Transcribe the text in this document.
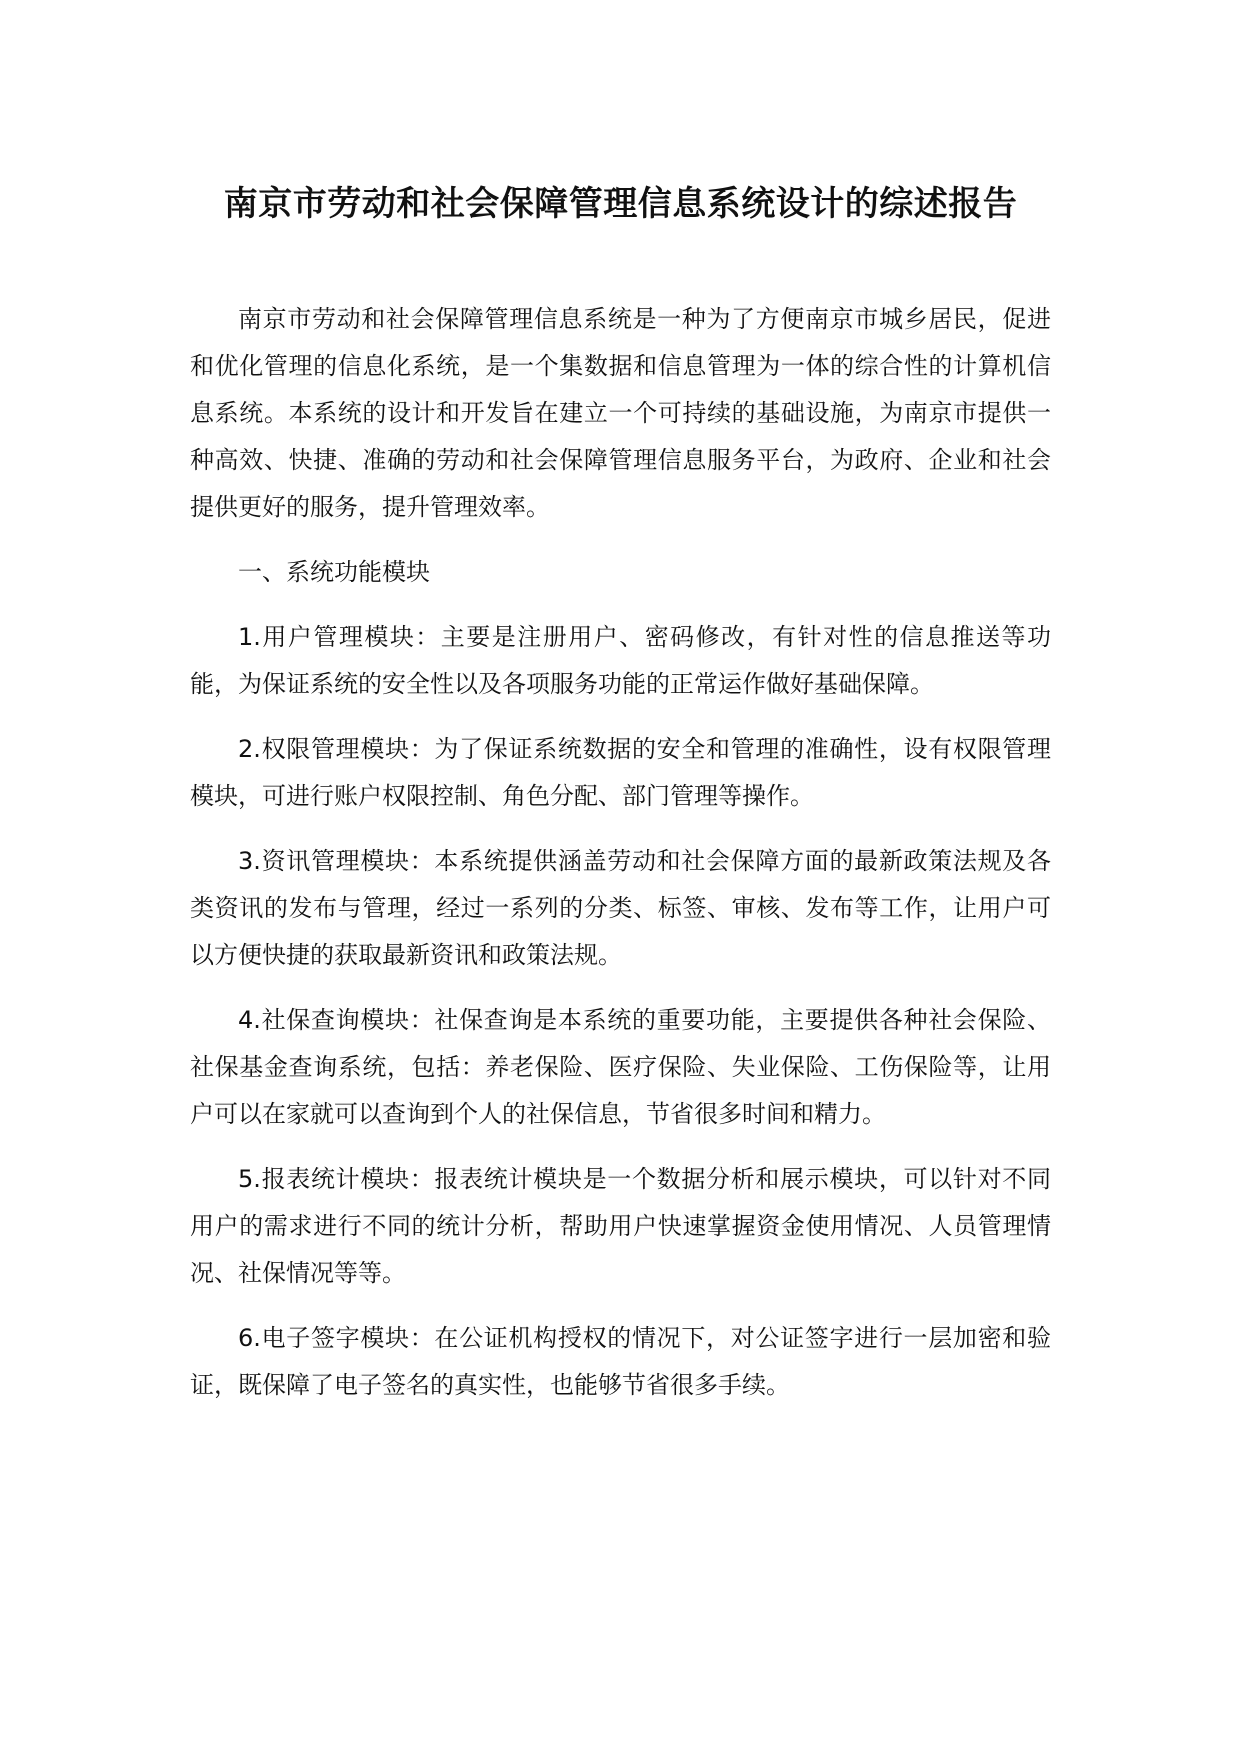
南京市劳动和社会保障管理信息系统设计的综述报告

南京市劳动和社会保障管理信息系统是一种为了方便南京市城乡居民，促进和优化管理的信息化系统，是一个集数据和信息管理为一体的综合性的计算机信息系统。本系统的设计和开发旨在建立一个可持续的基础设施，为南京市提供一种高效、快捷、准确的劳动和社会保障管理信息服务平台，为政府、企业和社会提供更好的服务，提升管理效率。

一、系统功能模块

1.用户管理模块：主要是注册用户、密码修改，有针对性的信息推送等功能，为保证系统的安全性以及各项服务功能的正常运作做好基础保障。

2.权限管理模块：为了保证系统数据的安全和管理的准确性，设有权限管理模块，可进行账户权限控制、角色分配、部门管理等操作。

3.资讯管理模块：本系统提供涵盖劳动和社会保障方面的最新政策法规及各类资讯的发布与管理，经过一系列的分类、标签、审核、发布等工作，让用户可以方便快捷的获取最新资讯和政策法规。

4.社保查询模块：社保查询是本系统的重要功能，主要提供各种社会保险、社保基金查询系统，包括：养老保险、医疗保险、失业保险、工伤保险等，让用户可以在家就可以查询到个人的社保信息，节省很多时间和精力。

5.报表统计模块：报表统计模块是一个数据分析和展示模块，可以针对不同用户的需求进行不同的统计分析，帮助用户快速掌握资金使用情况、人员管理情况、社保情况等等。

6.电子签字模块：在公证机构授权的情况下，对公证签字进行一层加密和验证，既保障了电子签名的真实性，也能够节省很多手续。
